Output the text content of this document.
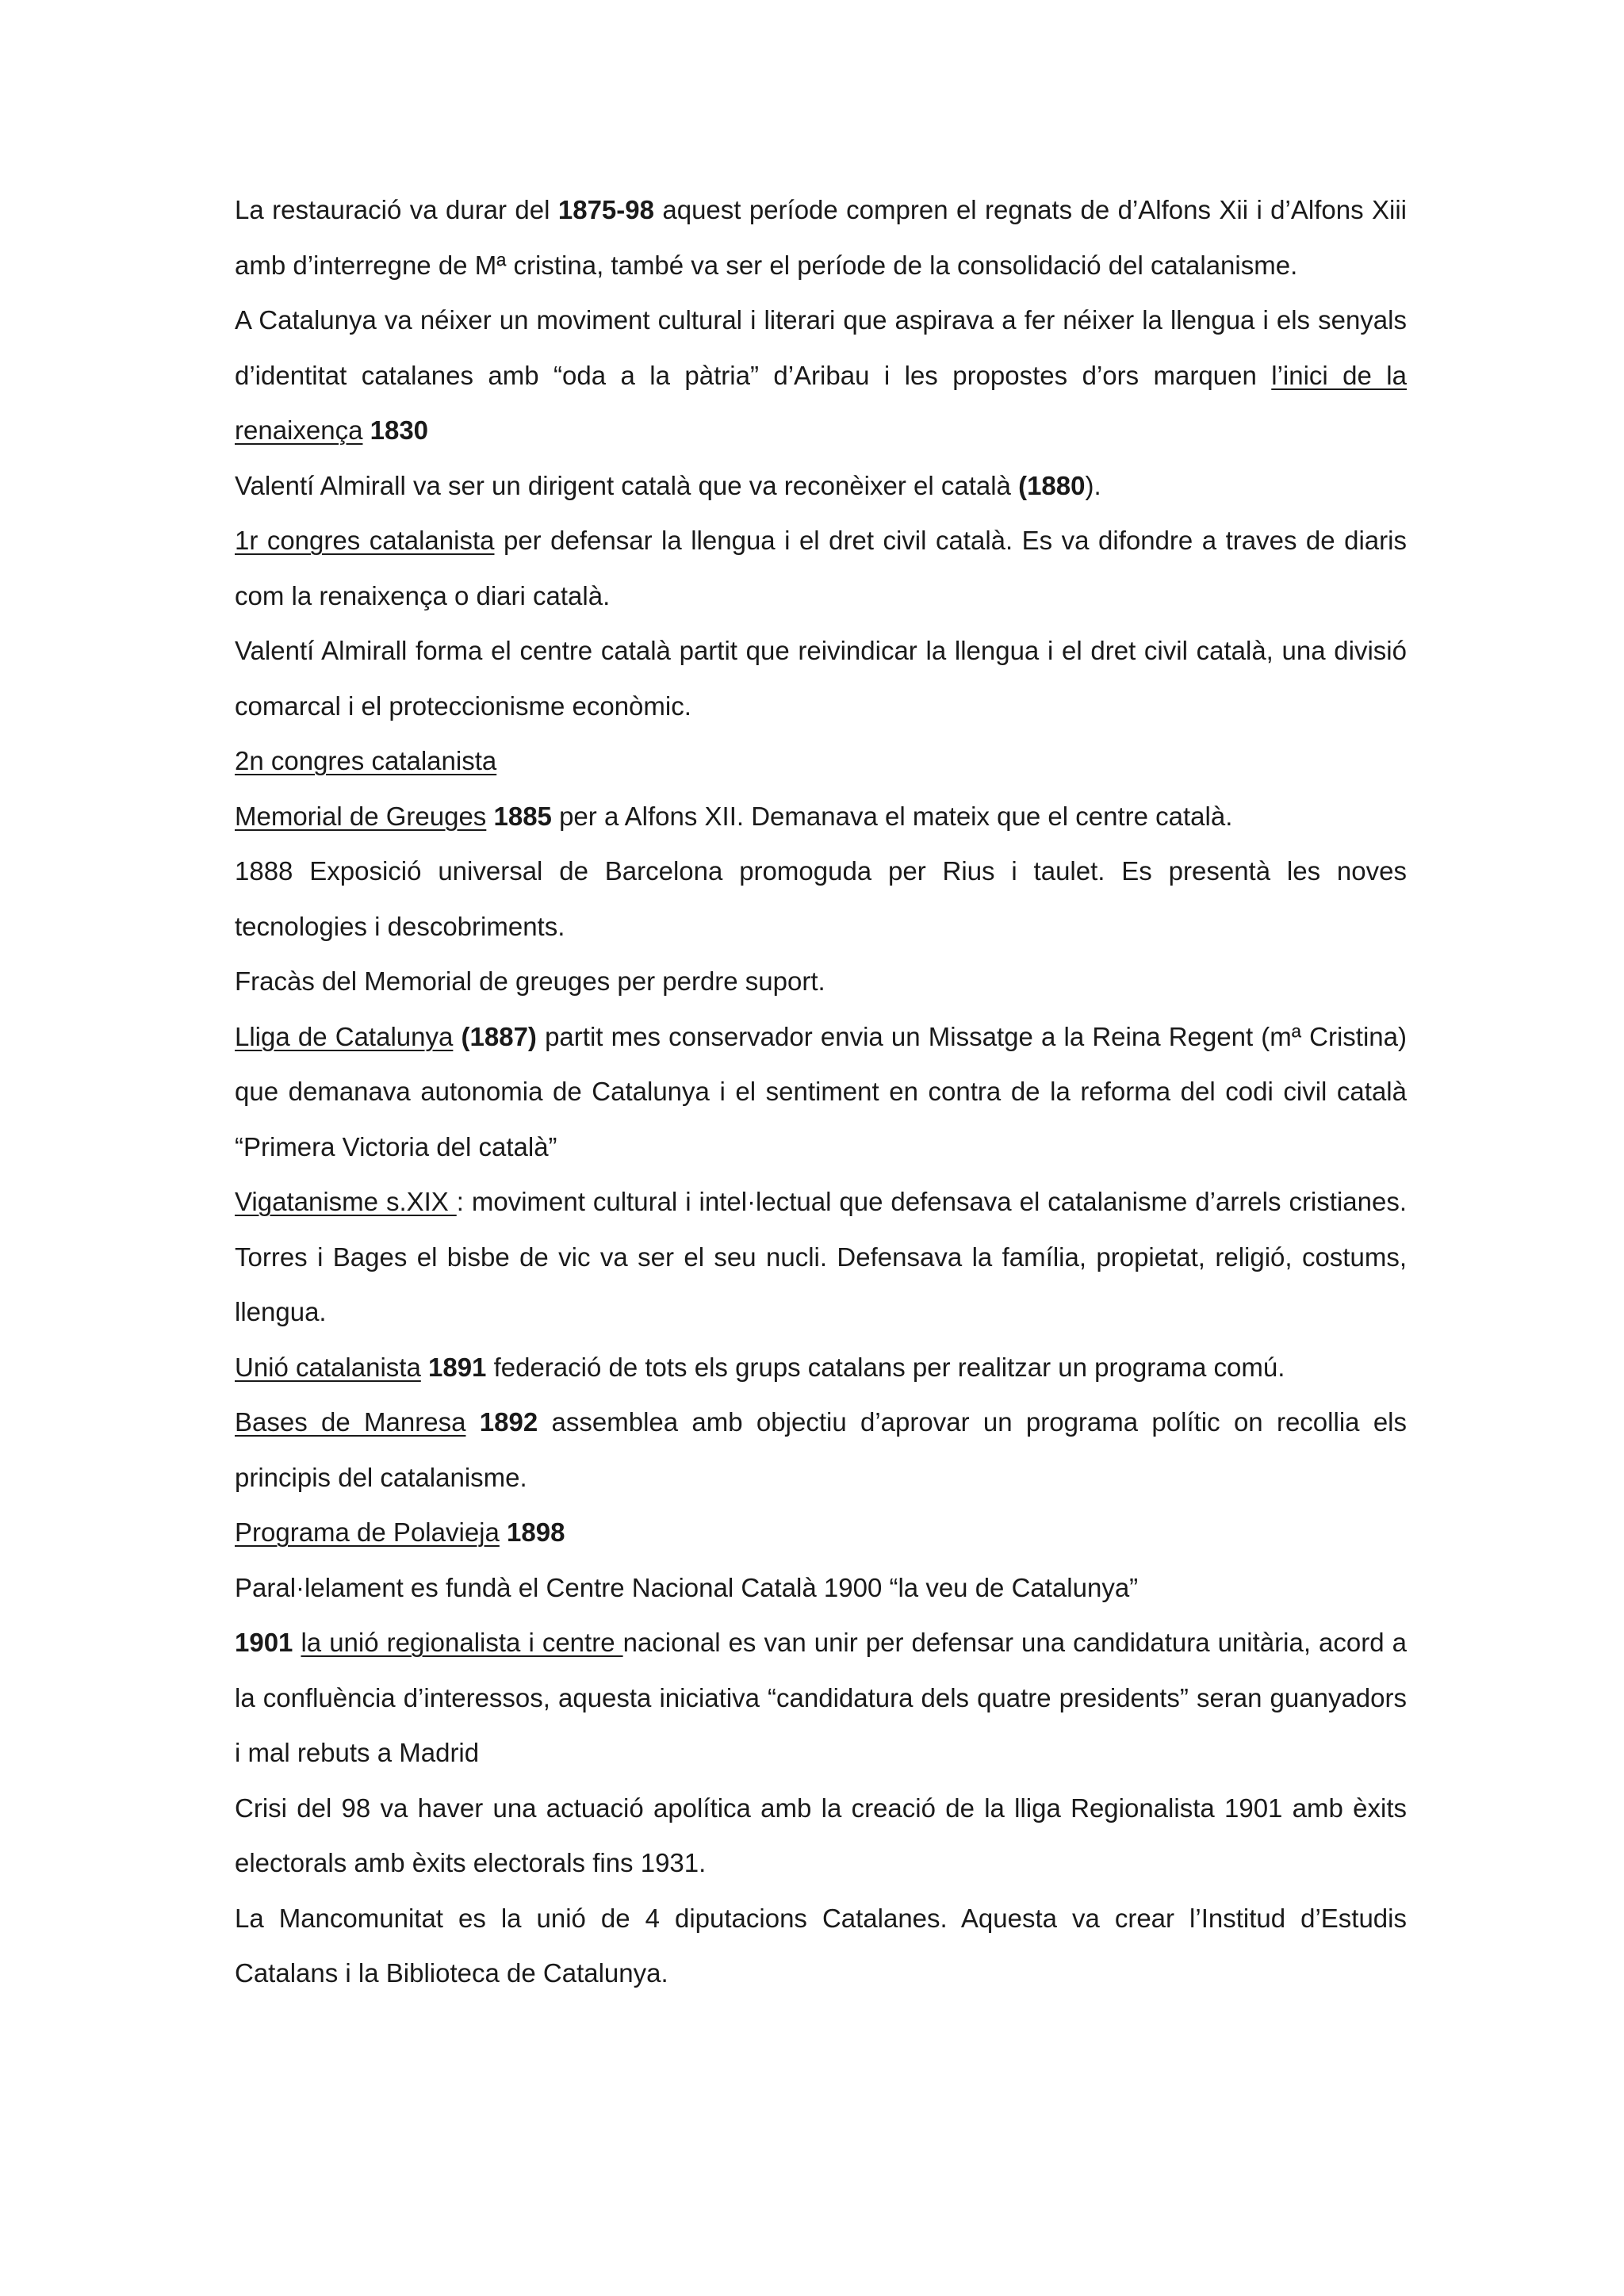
La restauració va durar del 1875-98 aquest període compren el regnats de d’Alfons Xii i d’Alfons Xiii amb d’interregne de Mª cristina, també va ser el període de la consolidació del catalanisme.

A Catalunya va néixer un moviment cultural i literari que aspirava a fer néixer la llengua i els senyals d’identitat catalanes amb “oda a la pàtria” d’Aribau i les propostes d’ors marquen l’inici de la renaixença 1830

Valentí Almirall va ser un dirigent català que va reconèixer el català (1880).

1r congres catalanista per defensar la llengua i el dret civil català. Es va difondre a traves de diaris com la renaixença o diari català.

Valentí Almirall forma el centre català partit que reivindicar la llengua i el dret civil català, una divisió comarcal i el proteccionisme econòmic.

2n congres catalanista

Memorial de Greuges 1885 per a Alfons XII. Demanava el mateix que el centre català.

1888 Exposició universal de Barcelona promoguda per Rius i taulet. Es presentà les noves tecnologies i descobriments.

Fracàs del Memorial de greuges per perdre suport.

Lliga de Catalunya (1887) partit mes conservador envia un Missatge a la Reina Regent (mª Cristina) que demanava autonomia de Catalunya i el sentiment en contra de la reforma del codi civil català “Primera Victoria del català”

Vigatanisme s.XIX : moviment cultural i intel·lectual que defensava el catalanisme d’arrels cristianes. Torres i Bages el bisbe de vic va ser el seu nucli. Defensava la família, propietat, religió, costums, llengua.

Unió catalanista 1891 federació de tots els grups catalans per realitzar un programa comú.

Bases de Manresa 1892 assemblea amb objectiu d’aprovar un programa polític on recollia els principis del catalanisme.

Programa de Polavieja 1898

Paral·lelament es fundà el Centre Nacional Català 1900 “la veu de Catalunya”

1901 la unió regionalista i centre nacional es van unir per defensar una candidatura unitària, acord a la confluència d’interessos, aquesta iniciativa “candidatura dels quatre presidents” seran guanyadors i mal rebuts a Madrid

Crisi del 98 va haver una actuació apolítica amb la creació de la lliga Regionalista 1901 amb èxits electorals amb èxits electorals fins 1931.

La Mancomunitat es la unió de 4 diputacions Catalanes. Aquesta va crear l’Institud d’Estudis Catalans i la Biblioteca de Catalunya.
